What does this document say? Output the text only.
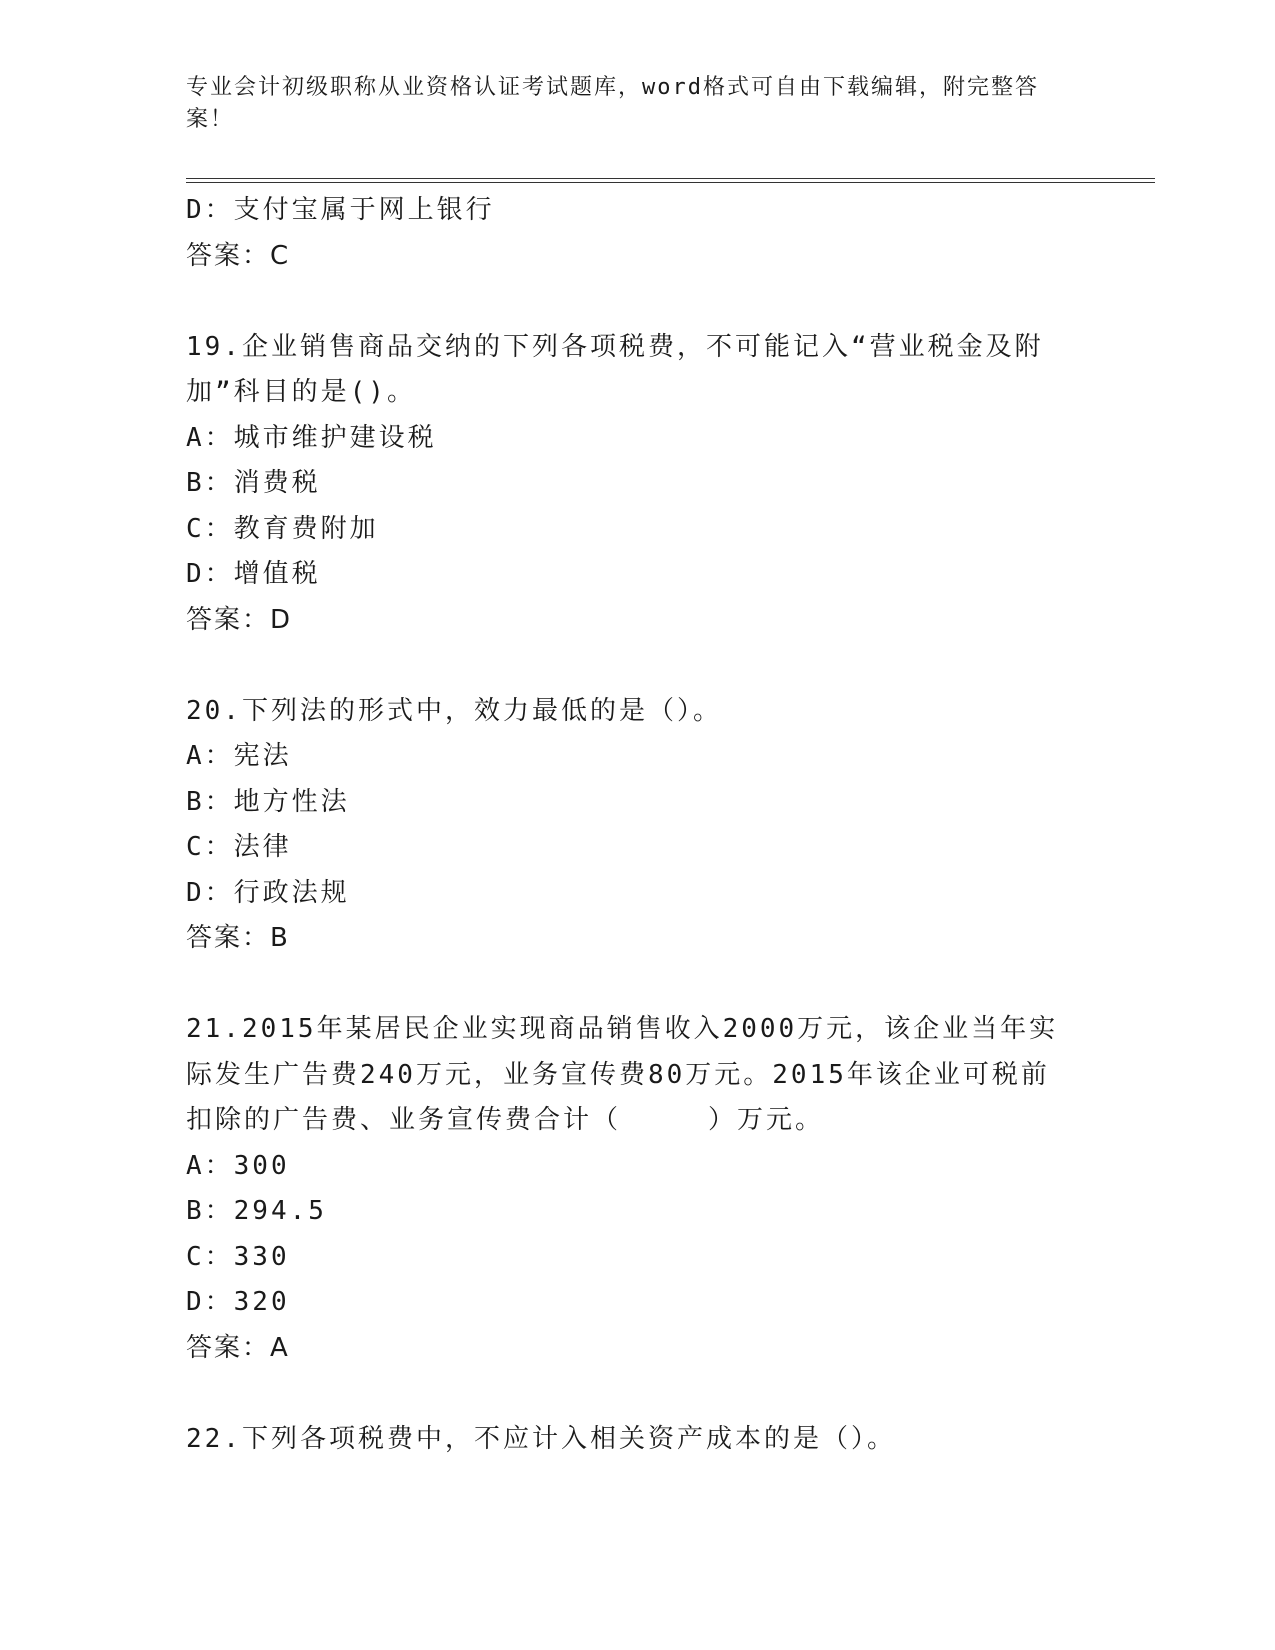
专业会计初级职称从业资格认证考试题库，word格式可自由下载编辑，附完整答案！
D：支付宝属于网上银行
答案：C
19.企业销售商品交纳的下列各项税费，不可能记入“营业税金及附加”科目的是()。
A：城市维护建设税
B：消费税
C：教育费附加
D：增值税
答案：D
20.下列法的形式中，效力最低的是（）。
A：宪法
B：地方性法
C：法律
D：行政法规
答案：B
21.2015年某居民企业实现商品销售收入2000万元，该企业当年实际发生广告费240万元，业务宣传费80万元。2015年该企业可税前扣除的广告费、业务宣传费合计（　　　）万元。
A：300
B：294.5
C：330
D：320
答案：A
22.下列各项税费中，不应计入相关资产成本的是（）。
